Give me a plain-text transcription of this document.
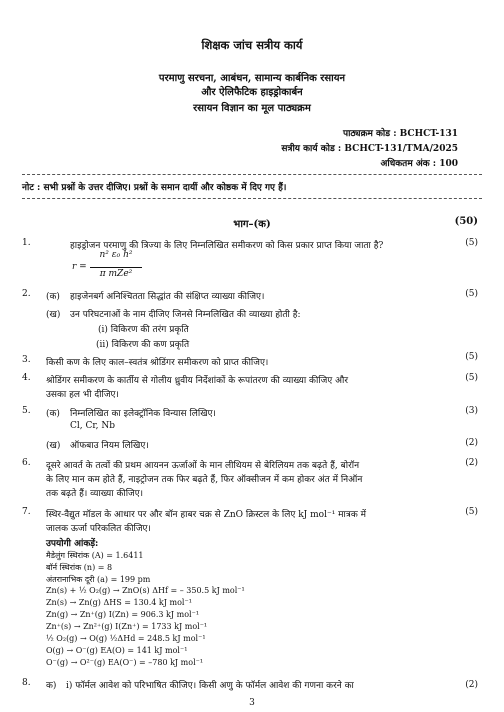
शिक्षक जांच सत्रीय कार्य
परमाणु सरचना, आबंधन, सामान्य कार्बनिक रसायन
और ऐलिफैटिक हाइड्रोकार्बन
रसायन विज्ञान का मूल पाठ्यक्रम
पाठ्यक्रम कोड : BCHCT-131
सत्रीय कार्य कोड : BCHCT-131/TMA/2025
अधिकतम अंक : 100
नोट : सभी प्रश्नों के उत्तर दीजिए। प्रश्नों के समान दायीं और कोष्ठक में दिए गए हैं।
भाग–(क)	(50)
1.	हाइड्रोजन परमाणु की त्रिज्या के लिए निम्नलिखित समीकरण को किस प्रकार प्राप्त किया जाता है?	(5)
r =
n² ε₀ h²
π mZe²
2. (क) हाइजेनबर्ग अनिश्चितता सिद्धांत की संक्षिप्त व्याख्या कीजिए।	(5)
(ख) उन परिघटनाओं के नाम दीजिए जिनसे निम्नलिखित की व्याख्या होती है:
(i) विकिरण की तरंग प्रकृति
(ii) विकिरण की कण प्रकृति
3. किसी कण के लिए काल–स्वतंत्र श्रोडिंगर समीकरण को प्राप्त कीजिए।
(5)
4. श्रोडिंगर समीकरण के कार्तीय से गोलीय ध्रुवीय निर्देशांकों के रूपांतरण की व्याख्या कीजिए और
उसका हल भी दीजिए।
(5)
5. (क) निम्नलिखित का इलेक्ट्रॉनिक विन्यास लिखिए।	(3)
Cl, Cr, Nb
(ख) ऑफबाउ नियम लिखिए।	(2)
6. दूसरे आवर्त के तत्वों की प्रथम आयनन ऊर्जाओं के मान लीथियम से बेरिलियम तक बढ़ते हैं, बोरॉन
के लिए मान कम होते हैं, नाइट्रोजन तक फिर बढ़ते हैं, फिर ऑक्सीजन में कम होकर अंत में निऑन
तक बढ़ते हैं। व्याख्या कीजिए।
(2)
7. स्थिर-वैद्युत मॉडल के आधार पर और बॉन हाबर चक्र से ZnO क्रिस्टल के लिए kJ mol⁻¹ मात्रक में
जालक ऊर्जा परिकलित कीजिए।
(5)
उपयोगी आंकड़ें:
मैडेलुंग स्थिरांक (A) = 1.6411
बॉर्न स्थिरांक (n) = 8
अंतरानाभिक दूरी (a) = 199 pm
Zn(s) + ½ O₂(g) → ZnO(s) ΔHf = – 350.5 kJ mol⁻¹
Zn(s) → Zn(g) ΔHS = 130.4 kJ mol⁻¹
Zn(g) → Zn⁺(g) I(Zn) = 906.3 kJ mol⁻¹
Zn⁺(s) → Zn²⁺(g) I(Zn⁺) = 1733 kJ mol⁻¹
½ O₂(g) → O(g) ½ΔHd = 248.5 kJ mol⁻¹
O(g) → O⁻(g) EA(O) = 141 kJ mol⁻¹
O⁻(g) → O²⁻(g) EA(O⁻) = –780 kJ mol⁻¹
8. क) i) फॉर्मल आवेश को परिभाषित कीजिए। किसी अणु के फॉर्मल आवेश की गणना करने का	(2)
3
